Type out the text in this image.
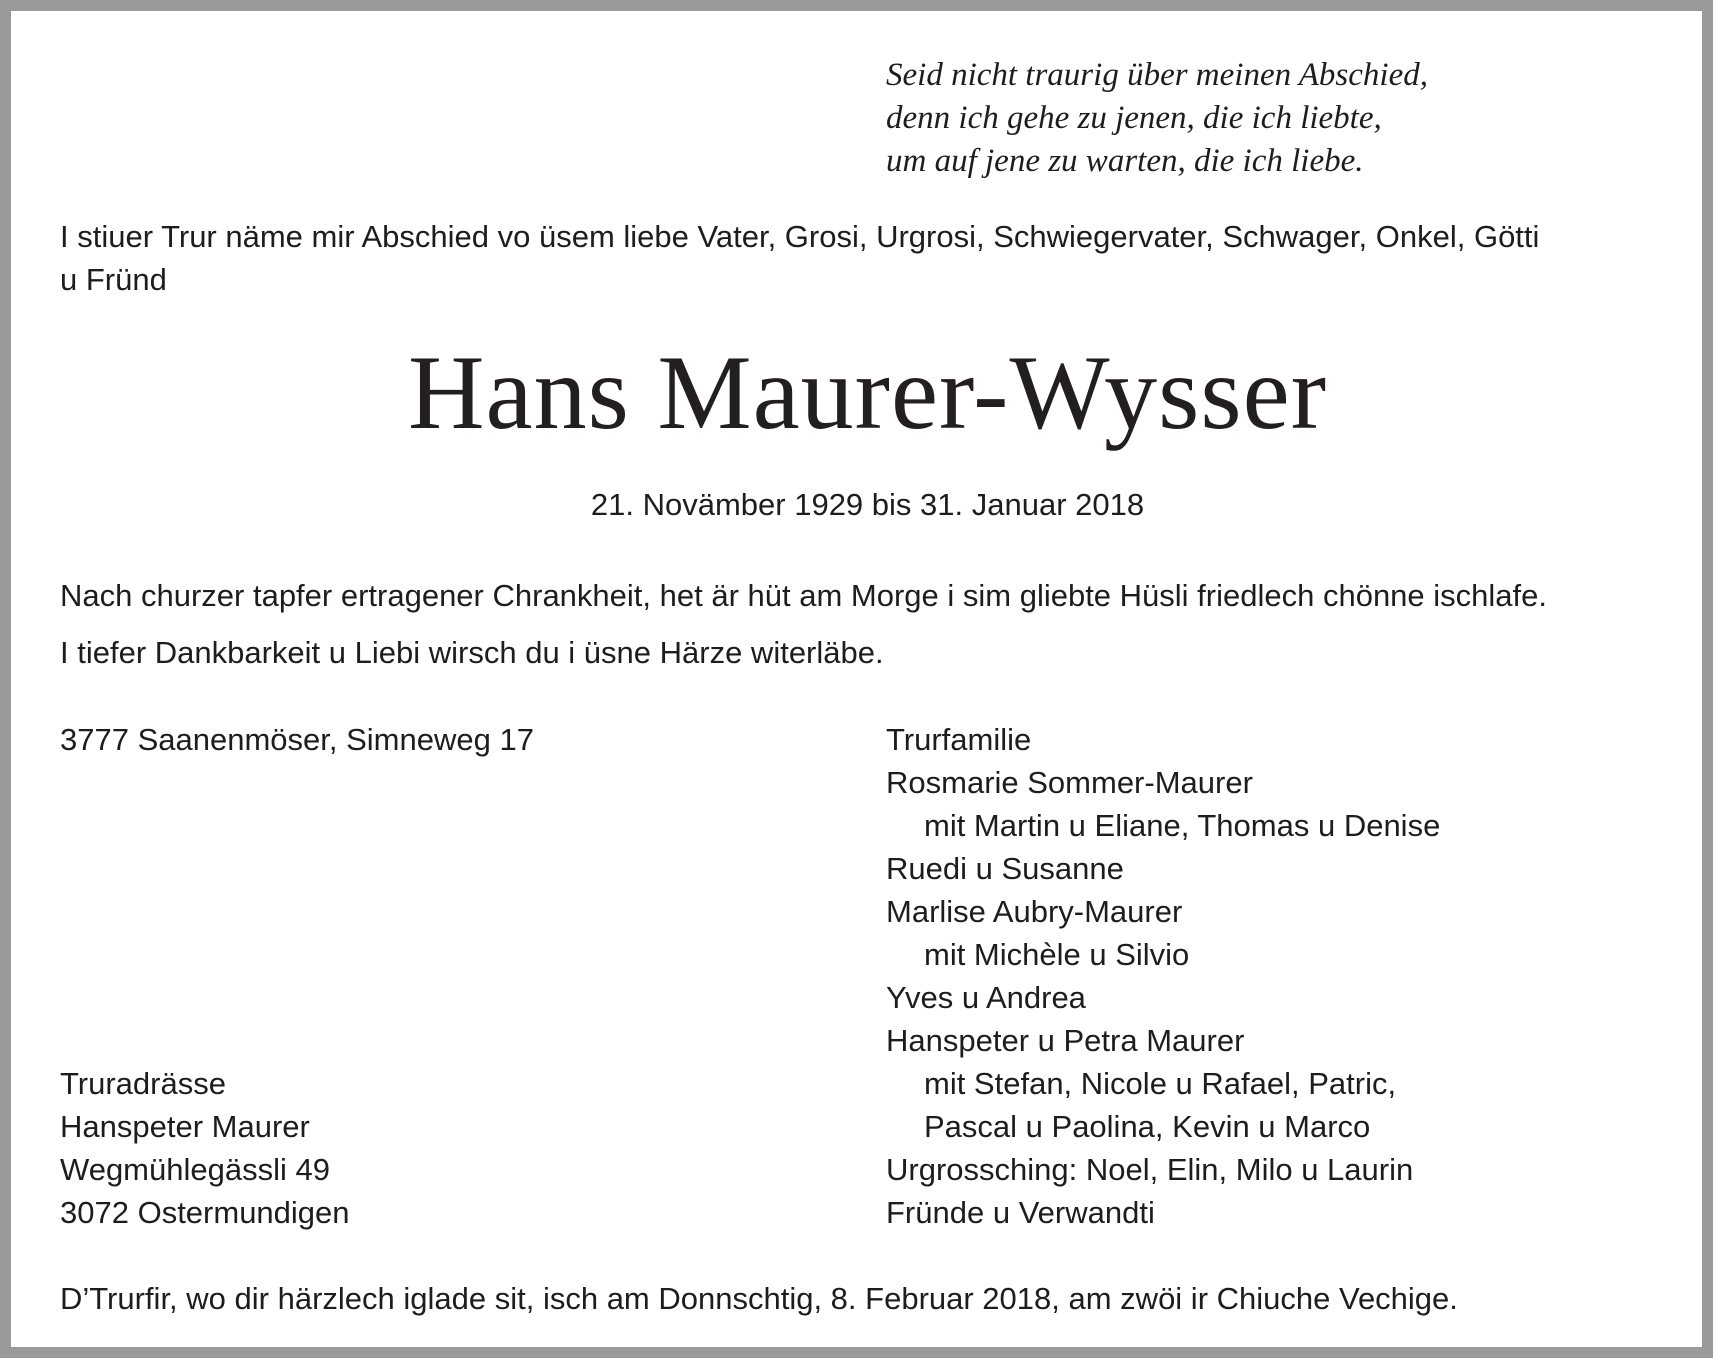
Seid nicht traurig über meinen Abschied,
denn ich gehe zu jenen, die ich liebte,
um auf jene zu warten, die ich liebe.
I stiuer Trur näme mir Abschied vo üsem liebe Vater, Grosi, Urgrosi, Schwiegervater, Schwager, Onkel, Götti
u Fründ
Hans Maurer-Wysser
21. Novämber 1929 bis 31. Januar 2018
Nach churzer tapfer ertragener Chrankheit, het är hüt am Morge i sim gliebte Hüsli friedlech chönne ischlafe.
I tiefer Dankbarkeit u Liebi wirsch du i üsne Härze witerläbe.
3777 Saanenmöser, Simneweg 17
Truradrässe
Hanspeter Maurer
Wegmühlegässli 49
3072 Ostermundigen
Trurfamilie
Rosmarie Sommer-Maurer
mit Martin u Eliane, Thomas u Denise
Ruedi u Susanne
Marlise Aubry-Maurer
mit Michèle u Silvio
Yves u Andrea
Hanspeter u Petra Maurer
mit Stefan, Nicole u Rafael, Patric,
Pascal u Paolina, Kevin u Marco
Urgrossching: Noel, Elin, Milo u Laurin
Fründe u Verwandti
D’Trurfir, wo dir härzlech iglade sit, isch am Donnschtig, 8. Februar 2018, am zwöi ir Chiuche Vechige.
